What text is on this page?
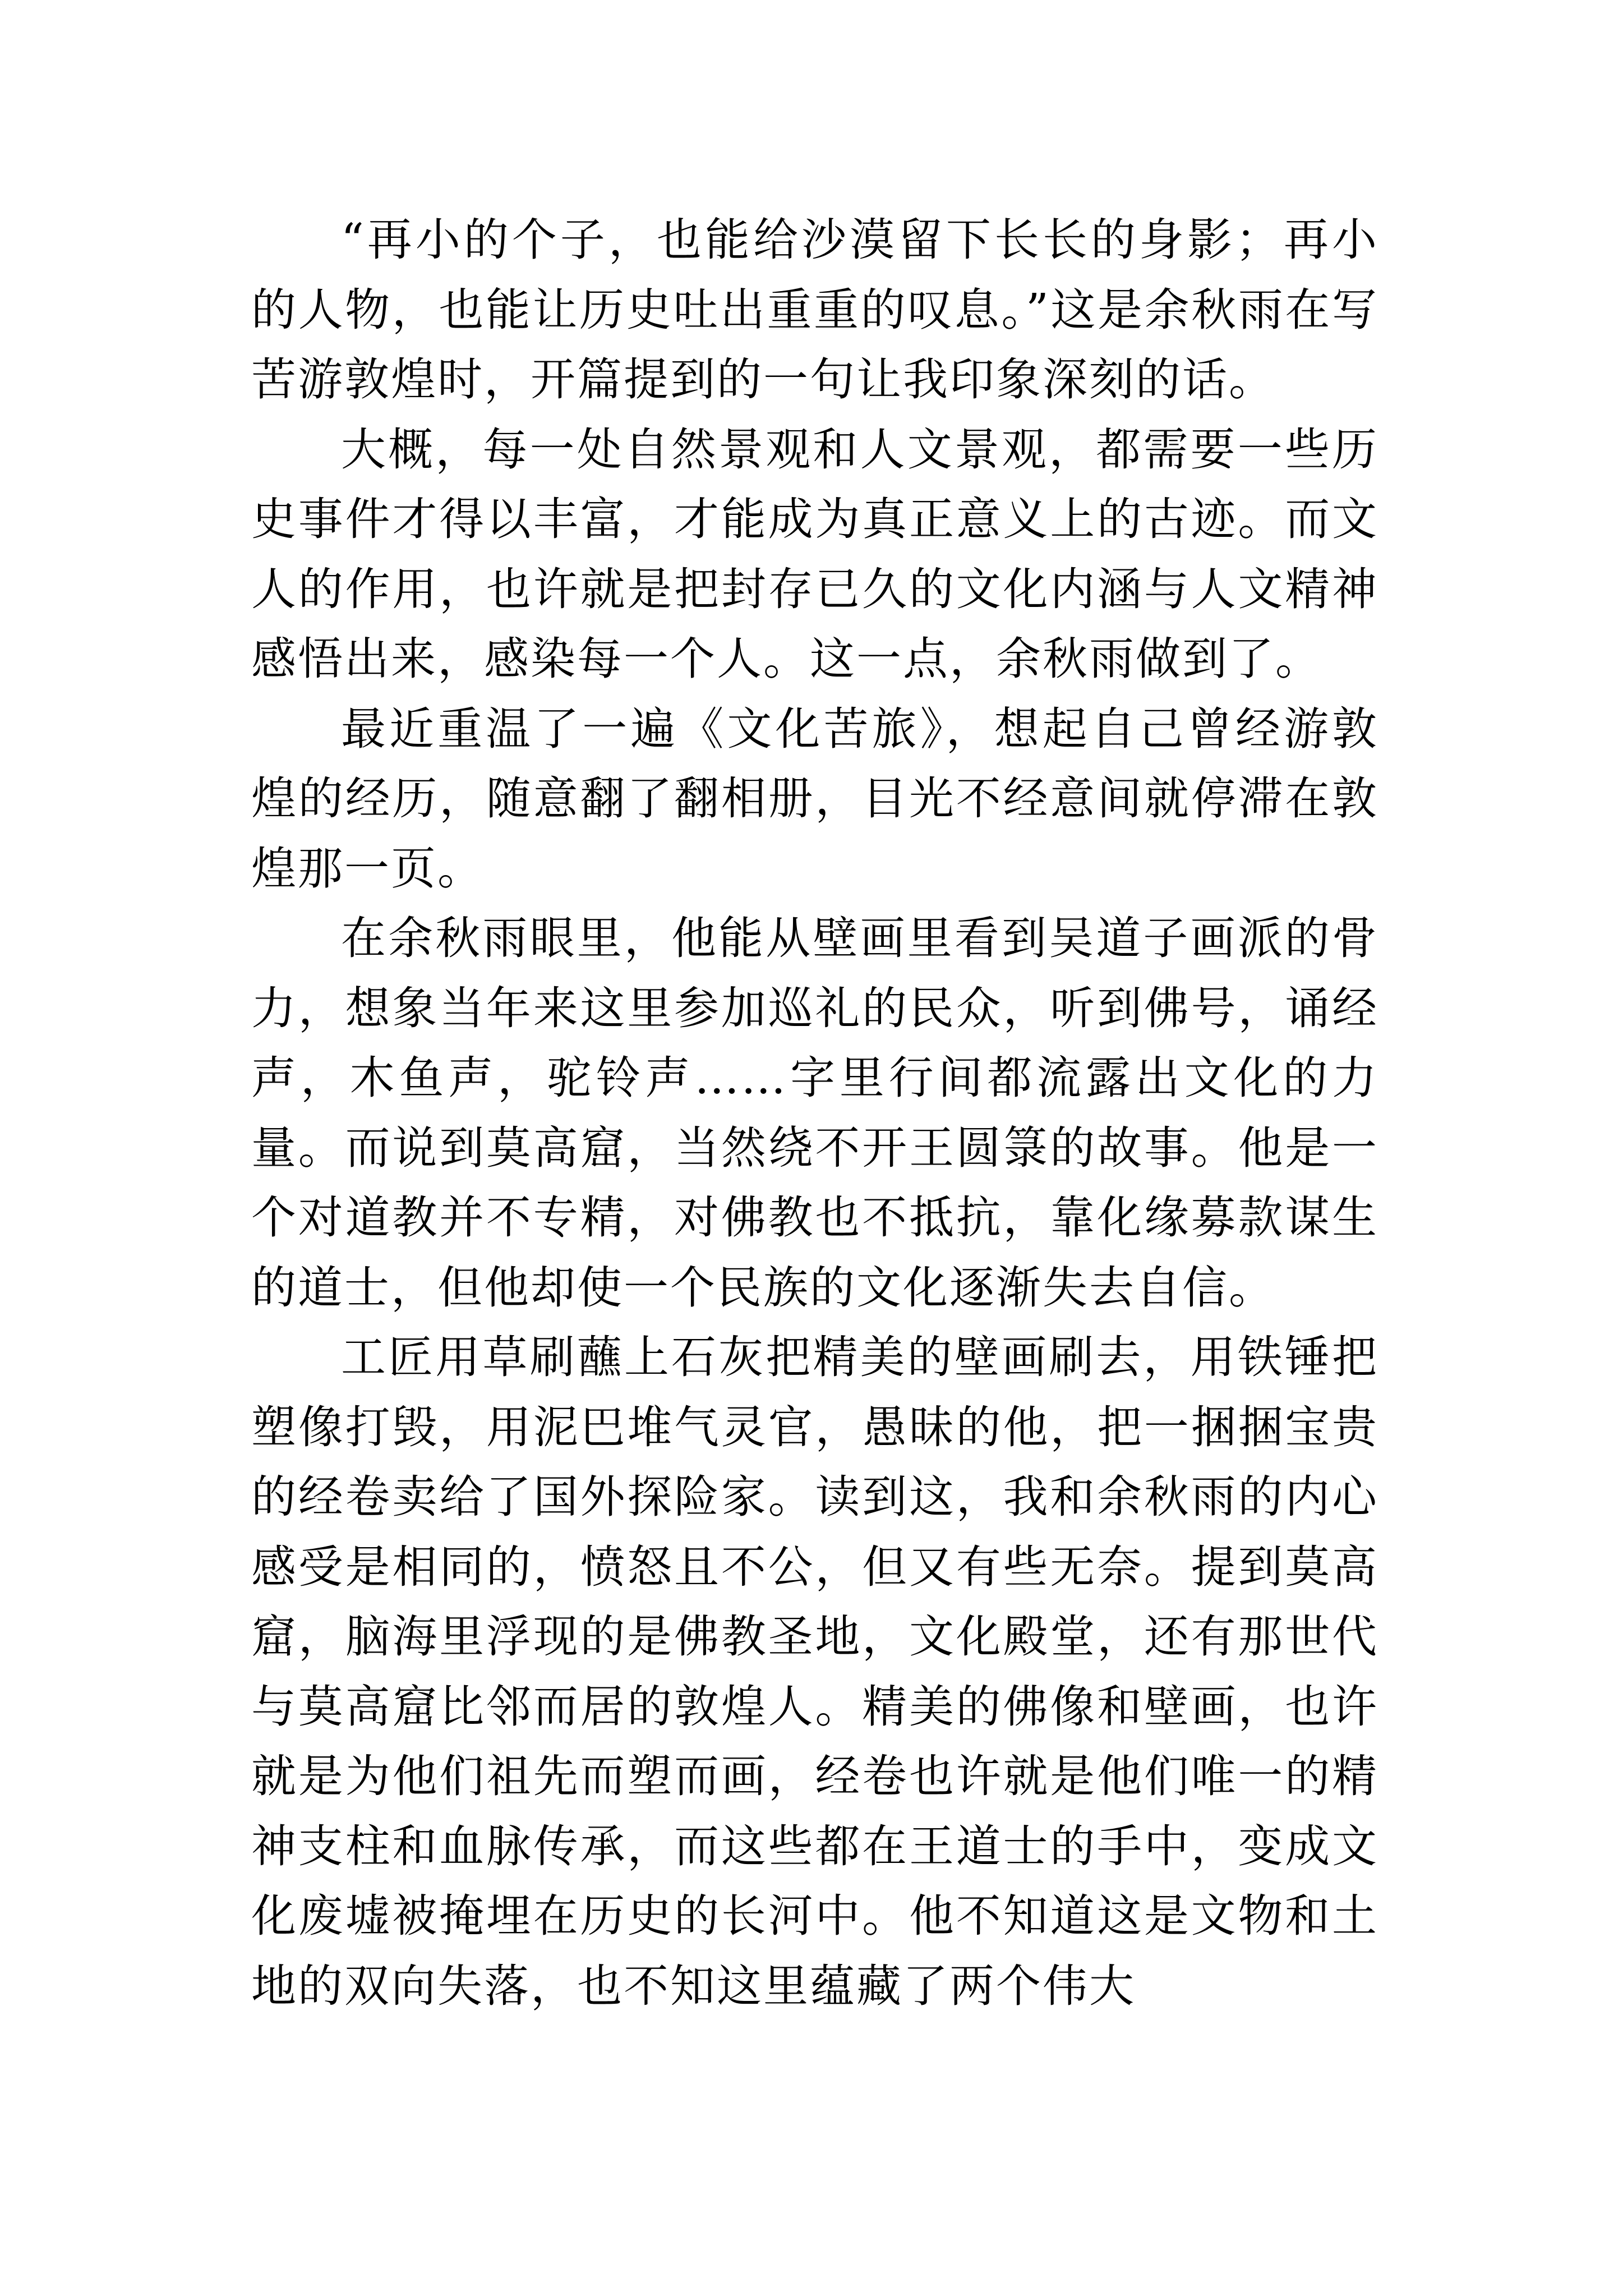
“再小的个子，也能给沙漠留下长长的身影；再小的人物，也能让历史吐出重重的叹息。”这是余秋雨在写苦游敦煌时，开篇提到的一句让我印象深刻的话。

大概，每一处自然景观和人文景观，都需要一些历史事件才得以丰富，才能成为真正意义上的古迹。而文人的作用，也许就是把封存已久的文化内涵与人文精神感悟出来，感染每一个人。这一点，余秋雨做到了。

最近重温了一遍《文化苦旅》，想起自己曾经游敦煌的经历，随意翻了翻相册，目光不经意间就停滞在敦煌那一页。

在余秋雨眼里，他能从壁画里看到吴道子画派的骨力，想象当年来这里参加巡礼的民众，听到佛号，诵经声，木鱼声，驼铃声……字里行间都流露出文化的力量。而说到莫高窟，当然绕不开王圆箓的故事。他是一个对道教并不专精，对佛教也不抵抗，靠化缘募款谋生的道士，但他却使一个民族的文化逐渐失去自信。

工匠用草刷蘸上石灰把精美的壁画刷去，用铁锤把塑像打毁，用泥巴堆气灵官，愚昧的他，把一捆捆宝贵的经卷卖给了国外探险家。读到这，我和余秋雨的内心感受是相同的，愤怒且不公，但又有些无奈。提到莫高窟，脑海里浮现的是佛教圣地，文化殿堂，还有那世代与莫高窟比邻而居的敦煌人。精美的佛像和壁画，也许就是为他们祖先而塑而画，经卷也许就是他们唯一的精神支柱和血脉传承，而这些都在王道士的手中，变成文化废墟被掩埋在历史的长河中。他不知道这是文物和土地的双向失落，也不知这里蕴藏了两个伟大
